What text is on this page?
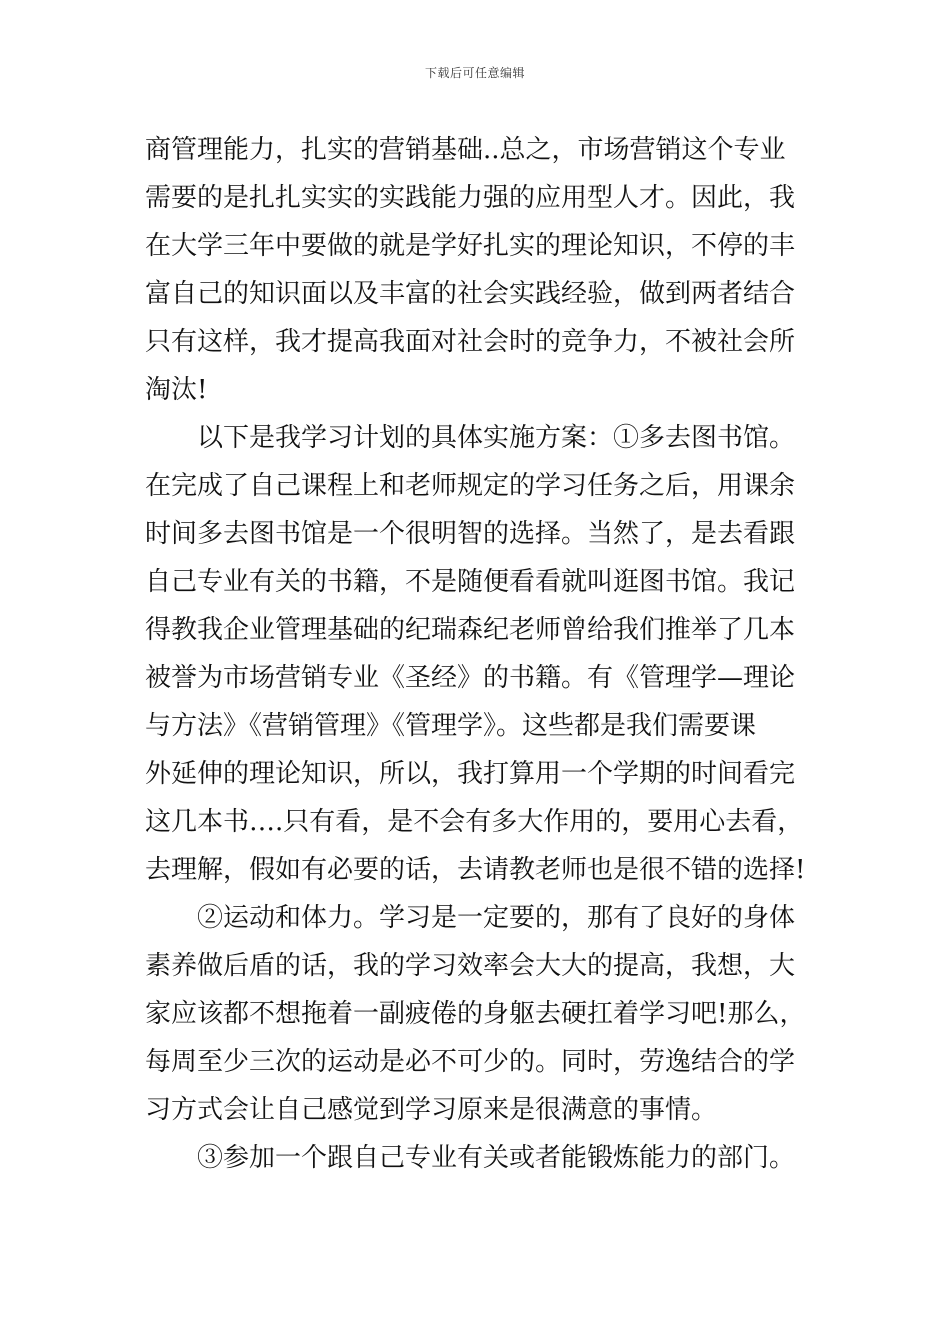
下载后可任意编辑
商管理能力，扎实的营销基础..总之，市场营销这个专业
需要的是扎扎实实的实践能力强的应用型人才。因此，我
在大学三年中要做的就是学好扎实的理论知识，不停的丰
富自己的知识面以及丰富的社会实践经验，做到两者结合
只有这样，我才提高我面对社会时的竞争力，不被社会所
淘汰!
　　以下是我学习计划的具体实施方案：①多去图书馆。
在完成了自己课程上和老师规定的学习任务之后，用课余
时间多去图书馆是一个很明智的选择。当然了，是去看跟
自己专业有关的书籍，不是随便看看就叫逛图书馆。我记
得教我企业管理基础的纪瑞森纪老师曾给我们推举了几本
被誉为市场营销专业《圣经》的书籍。有《管理学—理论
与方法》《营销管理》《管理学》。这些都是我们需要课
外延伸的理论知识，所以，我打算用一个学期的时间看完
这几本书….只有看，是不会有多大作用的，要用心去看，
去理解，假如有必要的话，去请教老师也是很不错的选择!
　　②运动和体力。学习是一定要的，那有了良好的身体
素养做后盾的话，我的学习效率会大大的提高，我想，大
家应该都不想拖着一副疲倦的身躯去硬扛着学习吧!那么，
每周至少三次的运动是必不可少的。同时，劳逸结合的学
习方式会让自己感觉到学习原来是很满意的事情。
　　③参加一个跟自己专业有关或者能锻炼能力的部门。
